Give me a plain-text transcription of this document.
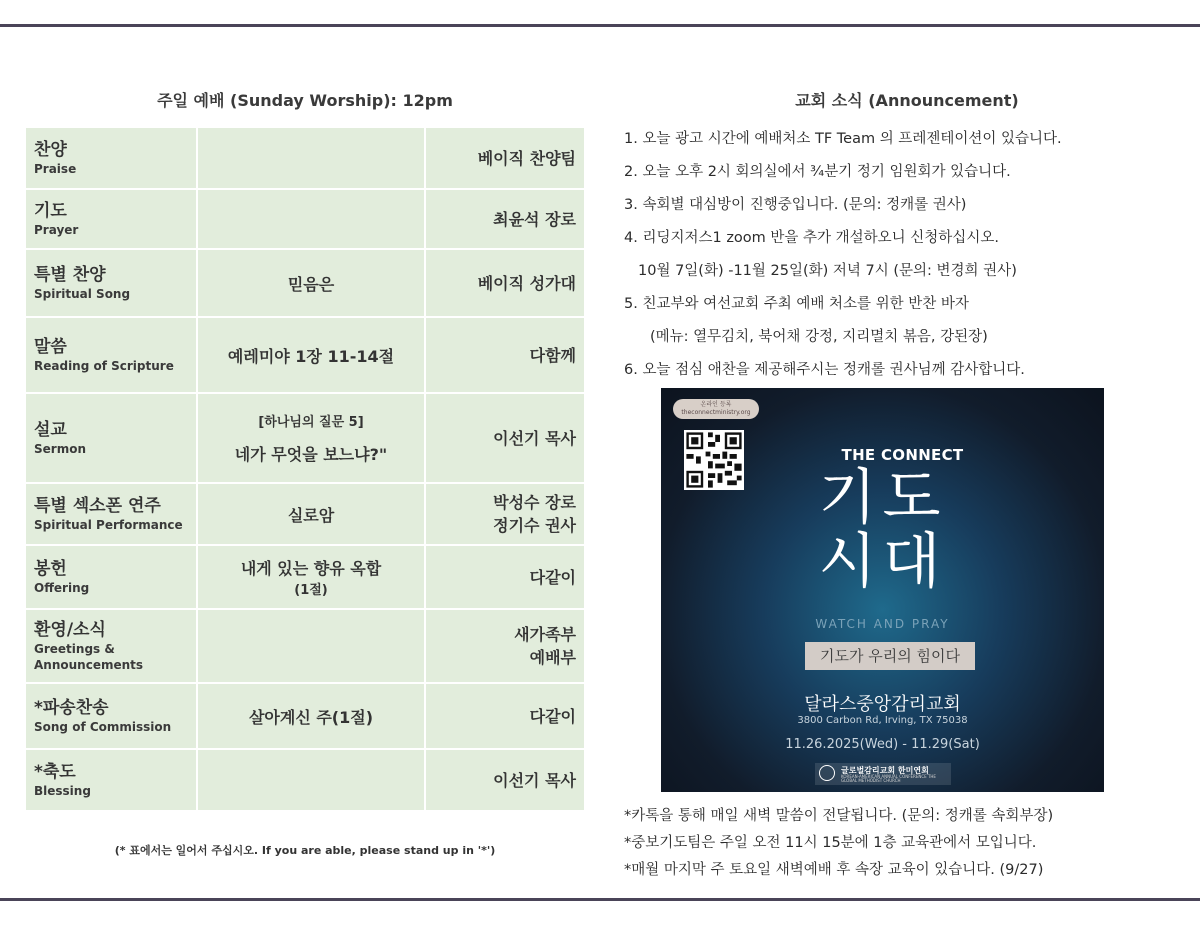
주일 예배 (Sunday Worship): 12pm
찬양
Praise		베이직 찬양팀

기도
Prayer		최윤석 장로

특별 찬양
Spiritual Song	믿음은	베이직 성가대

말씀
Reading of Scripture	예레미야 1장 11-14절	다함께

설교
Sermon	[하나님의 질문 5]
네가 무엇을 보느냐?"	이선기 목사

특별 섹소폰 연주
Spiritual Performance	실로암	박성수 장로
정기수 권사

봉헌
Offering	내게 있는 향유 옥합
(1절)	다같이

환영/소식
Greetings &
Announcements		새가족부
예배부

*파송찬송
Song of Commission	살아계신 주(1절)	다같이

*축도
Blessing		이선기 목사
(* 표에서는 일어서 주십시오. If you are able, please stand up in '*')
교회 소식 (Announcement)
1. 오늘 광고 시간에 예배처소 TF Team 의 프레젠테이션이 있습니다.
2. 오늘 오후 2시 회의실에서 ¾분기 정기 임원회가 있습니다.
3. 속회별 대심방이 진행중입니다. (문의: 정캐롤 권사)
4. 리딩지저스1 zoom 반을 추가 개설하오니 신청하십시오.
10월 7일(화) -11월 25일(화) 저녁 7시 (문의: 변경희 권사)
5. 친교부와 여선교회 주최 예배 처소를 위한 반찬 바자
(메뉴: 열무김치, 북어채 강정, 지리멸치 볶음, 강된장)
6. 오늘 점심 애찬을 제공해주시는 정캐롤 권사님께 감사합니다.
온라인 등록
theconnectministry.org
THE CONNECT
기도
시대
WATCH AND PRAY
기도가 우리의 힘이다
달라스중앙감리교회
3800 Carbon Rd, Irving, TX 75038
11.26.2025(Wed) - 11.29(Sat)
글로벌감리교회 한미연회
KOREAN-AMERICAN ANNUAL CONFERENCE THE GLOBAL METHODIST CHURCH
*카톡을 통해 매일 새벽 말씀이 전달됩니다. (문의: 정캐롤 속회부장)
*중보기도팀은 주일 오전 11시 15분에 1층 교육관에서 모입니다.
*매월 마지막 주 토요일 새벽예배 후 속장 교육이 있습니다. (9/27)
